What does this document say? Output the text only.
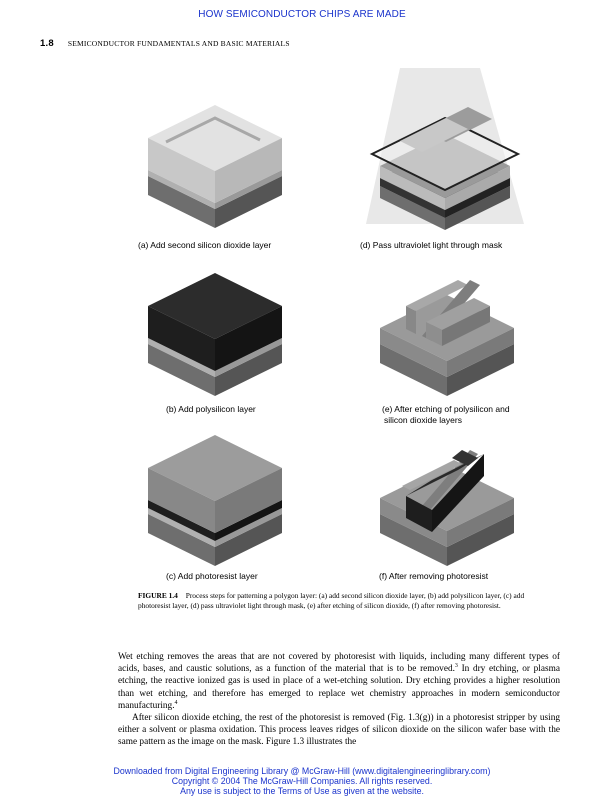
HOW SEMICONDUCTOR CHIPS ARE MADE
1.8 SEMICONDUCTOR FUNDAMENTALS AND BASIC MATERIALS
(a) Add second silicon dioxide layer	(d) Pass ultraviolet light through mask
(b) Add polysilicon layer	(e) After etching of polysilicon and
silicon dioxide layers
(c) Add photoresist layer	(f) After removing photoresist
FIGURE 1.4 Process steps for patterning a polygon layer: (a) add second silicon dioxide layer, (b) add polysilicon layer, (c) add photoresist layer, (d) pass ultraviolet light through mask, (e) after etching of silicon dioxide, (f) after removing photoresist.

Wet etching removes the areas that are not covered by photoresist with liquids, including many different types of acids, bases, and caustic solutions, as a function of the material that is to be removed.$^3$ In dry etching, or plasma etching, the reactive ionized gas is used in place of a wet-etching solution. Dry etching provides a higher resolution than wet etching, and therefore has emerged to replace wet chemistry approaches in modern semiconductor manufacturing.$^4$

After silicon dioxide etching, the rest of the photoresist is removed (Fig. 1.3(g)) in a photoresist stripper by using either a solvent or plasma oxidation. This process leaves ridges of silicon dioxide on the silicon wafer base with the same pattern as the image on the mask. Figure 1.3 illustrates the

Downloaded from Digital Engineering Library @ McGraw-Hill (www.digitalengineeringlibrary.com)
Copyright © 2004 The McGraw-Hill Companies. All rights reserved.
Any use is subject to the Terms of Use as given at the website.
